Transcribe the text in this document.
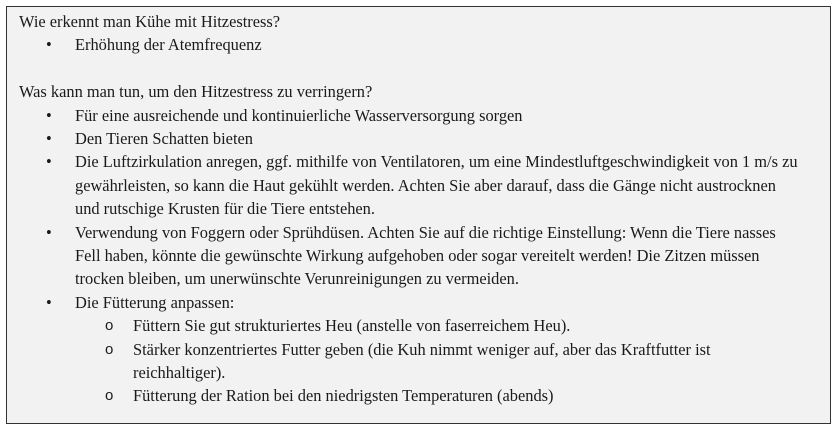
Wie erkennt man Kühe mit Hitzestress?

• Erhöhung der Atemfrequenz

Was kann man tun, um den Hitzestress zu verringern?

• Für eine ausreichende und kontinuierliche Wasserversorgung sorgen
• Den Tieren Schatten bieten
• Die Luftzirkulation anregen, ggf. mithilfe von Ventilatoren, um eine Mindestluftgeschwindigkeit von 1 m/s zu gewährleisten, so kann die Haut gekühlt werden. Achten Sie aber darauf, dass die Gänge nicht austrocknen und rutschige Krusten für die Tiere entstehen.
• Verwendung von Foggern oder Sprühdüsen. Achten Sie auf die richtige Einstellung: Wenn die Tiere nasses Fell haben, könnte die gewünschte Wirkung aufgehoben oder sogar vereitelt werden! Die Zitzen müssen trocken bleiben, um unerwünschte Verunreinigungen zu vermeiden.
• Die Fütterung anpassen:
o Füttern Sie gut strukturiertes Heu (anstelle von faserreichem Heu).
o Stärker konzentriertes Futter geben (die Kuh nimmt weniger auf, aber das Kraftfutter ist reichhaltiger).
o Fütterung der Ration bei den niedrigsten Temperaturen (abends)
